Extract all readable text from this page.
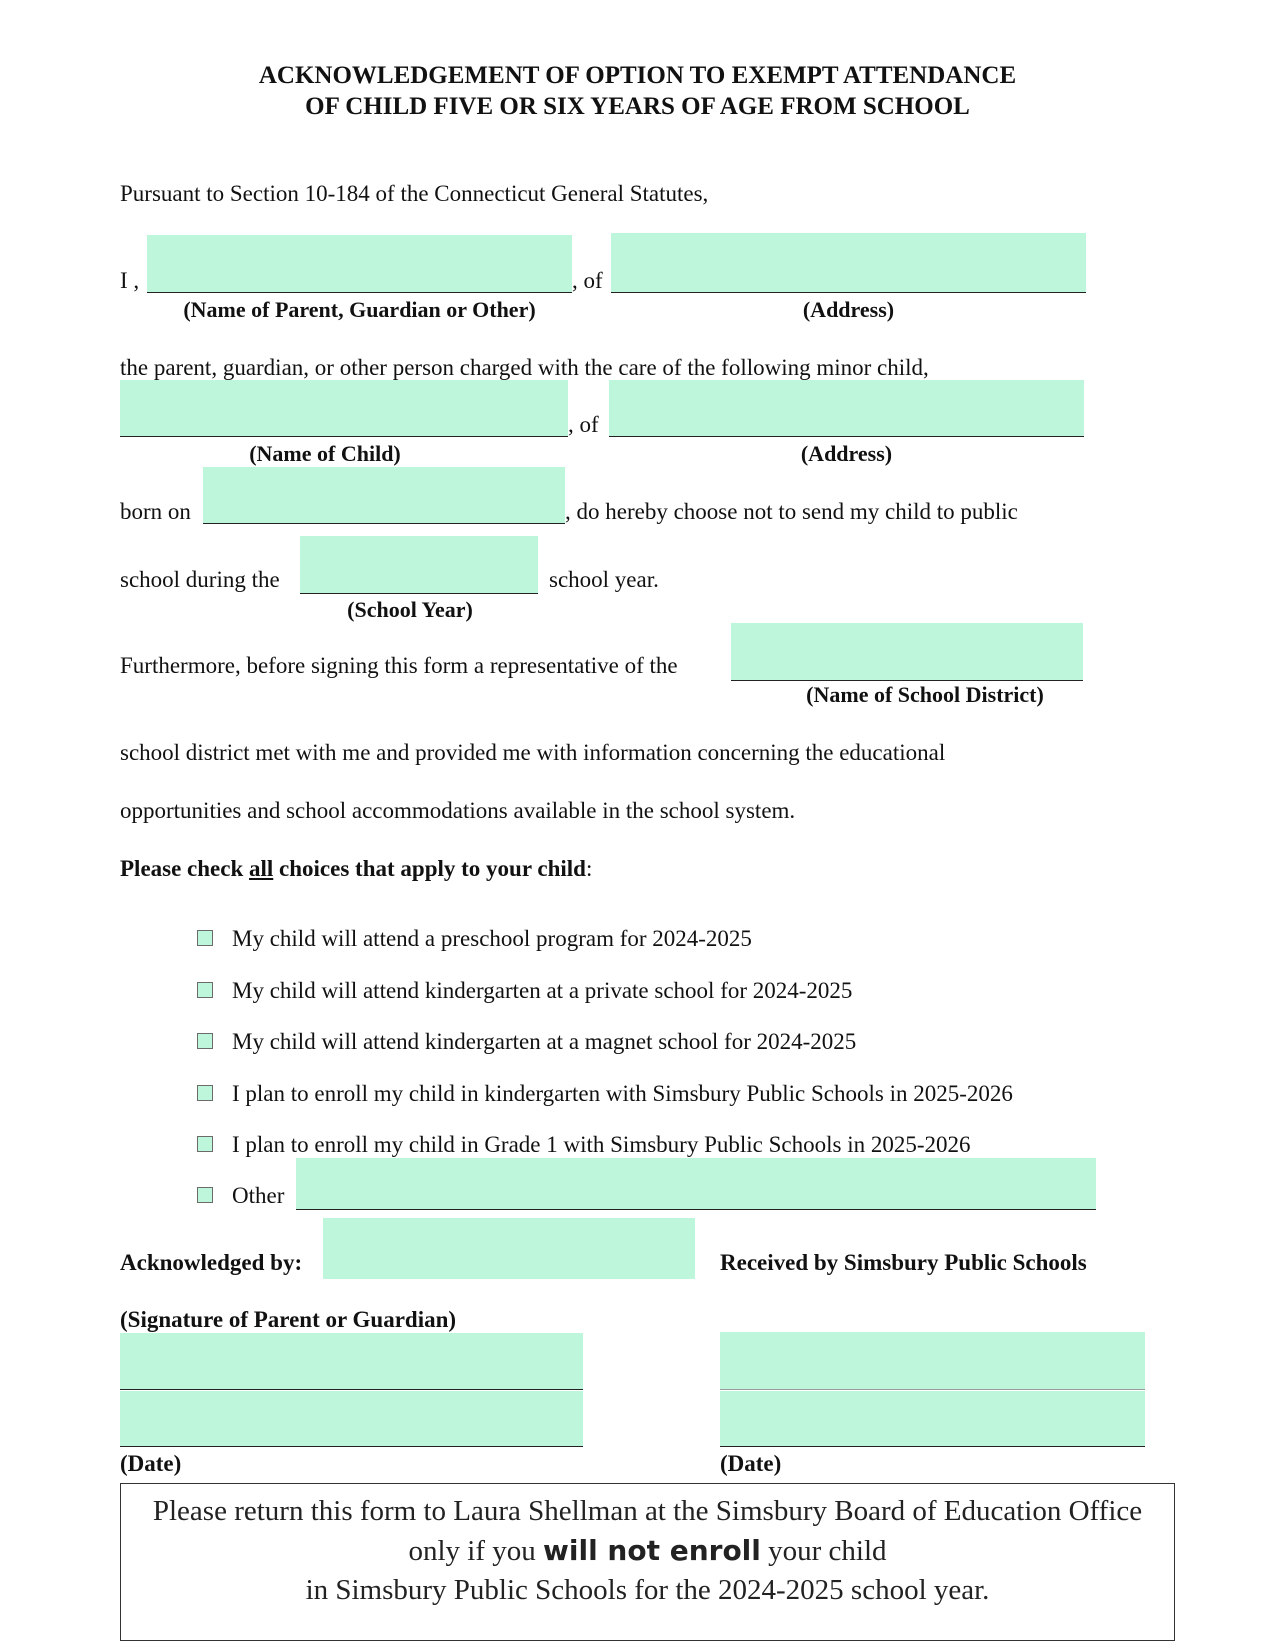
ACKNOWLEDGEMENT OF OPTION TO EXEMPT ATTENDANCE
OF CHILD FIVE OR SIX YEARS OF AGE FROM SCHOOL
Pursuant to Section 10-184 of the Connecticut General Statutes,
I ,	, of
(Name of Parent, Guardian or Other)	(Address)
the parent, guardian, or other person charged with the care of the following minor child,
, of
(Name of Child)	(Address)
born on	, do hereby choose not to send my child to public
school during the	school year.
(School Year)
Furthermore, before signing this form a representative of the
(Name of School District)
school district met with me and provided me with information concerning the educational
opportunities and school accommodations available in the school system.
Please check all choices that apply to your child:
My child will attend a preschool program for 2024-2025
My child will attend kindergarten at a private school for 2024-2025
My child will attend kindergarten at a magnet school for 2024-2025
I plan to enroll my child in kindergarten with Simsbury Public Schools in 2025-2026
I plan to enroll my child in Grade 1 with Simsbury Public Schools in 2025-2026
Other
Acknowledged by:	Received by Simsbury Public Schools
(Signature of Parent or Guardian)
(Date)	(Date)
Please return this form to Laura Shellman at the Simsbury Board of Education Office
only if you will not enroll your child
in Simsbury Public Schools for the 2024-2025 school year.
